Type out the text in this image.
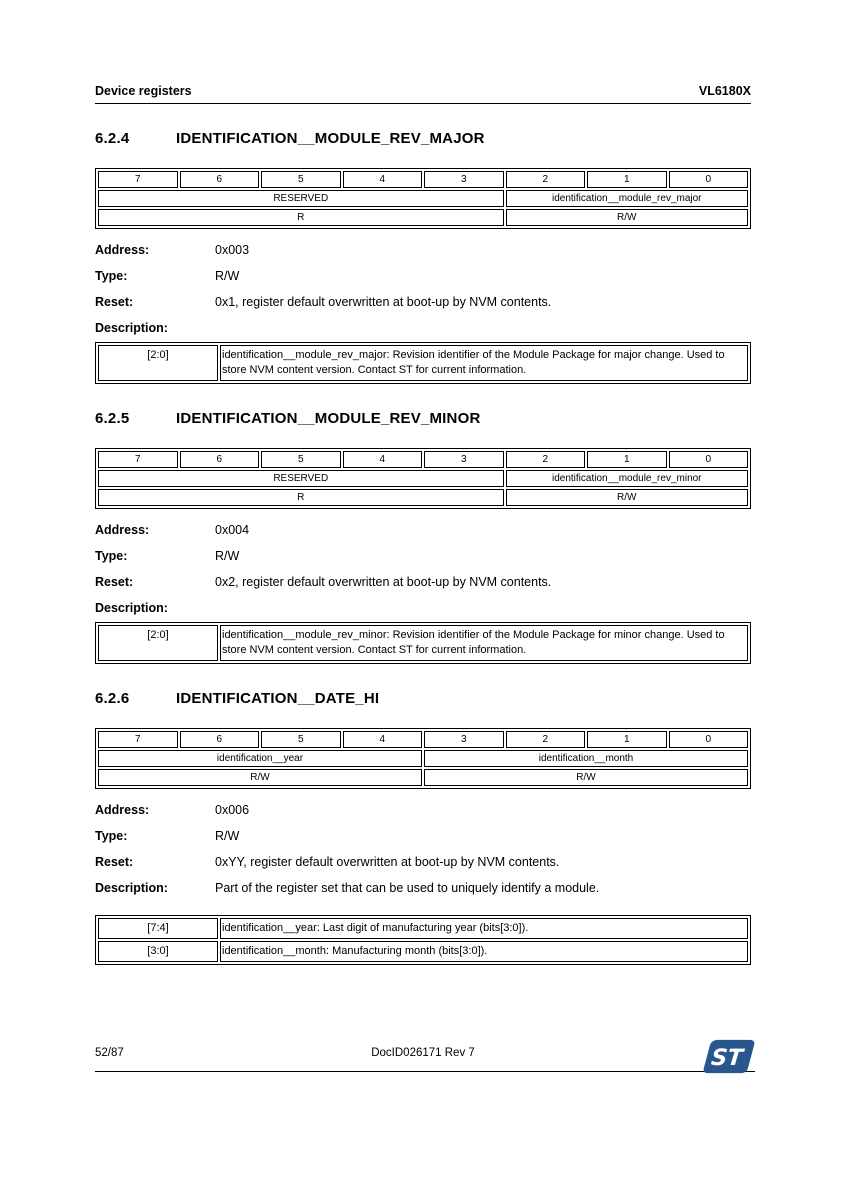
Device registers	VL6180X
6.2.4	IDENTIFICATION__MODULE_REV_MAJOR
7	6	5	4	3	2	1	0
RESERVED					identification__module_rev_major		
R					R/W		
Address:	0x003
Type:	R/W
Reset:	0x1, register default overwritten at boot-up by NVM contents.
Description:
[2:0]	identification__module_rev_major: Revision identifier of the Module Package for major change. Used to store NVM content version. Contact ST for current information.
6.2.5	IDENTIFICATION__MODULE_REV_MINOR
7	6	5	4	3	2	1	0
RESERVED					identification__module_rev_minor		
R					R/W		
Address:	0x004
Type:	R/W
Reset:	0x2, register default overwritten at boot-up by NVM contents.
Description:
[2:0]	identification__module_rev_minor: Revision identifier of the Module Package for minor change. Used to store NVM content version. Contact ST for current information.
6.2.6	IDENTIFICATION__DATE_HI
7	6	5	4	3	2	1	0
identification__year				identification__month			
R/W				R/W			
Address:	0x006
Type:	R/W
Reset:	0xYY, register default overwritten at boot-up by NVM contents.
Description:	Part of the register set that can be used to uniquely identify a module.
[7:4]	identification__year: Last digit of manufacturing year (bits[3:0]).
[3:0]	identification__month: Manufacturing month (bits[3:0]).
52/87	DocID026171 Rev 7	ST
